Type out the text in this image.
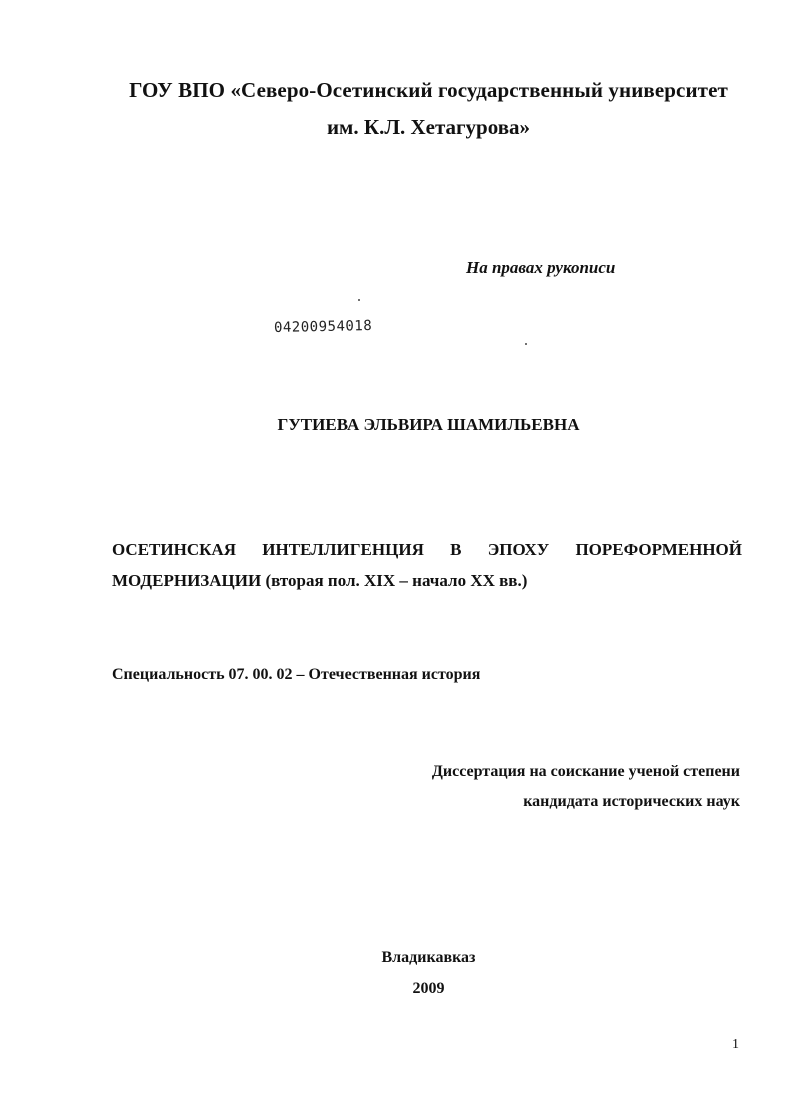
ГОУ ВПО «Северо-Осетинский государственный университет
им. К.Л. Хетагурова»
На правах рукописи
04200954018
ГУТИЕВА ЭЛЬВИРА ШАМИЛЬЕВНА
ОСЕТИНСКАЯ ИНТЕЛЛИГЕНЦИЯ В ЭПОХУ ПОРЕФОРМЕННОЙ
МОДЕРНИЗАЦИИ (вторая пол. XIX – начало XX вв.)
Специальность 07. 00. 02 – Отечественная история
Диссертация на соискание ученой степени
кандидата исторических наук
Владикавказ
2009
1
